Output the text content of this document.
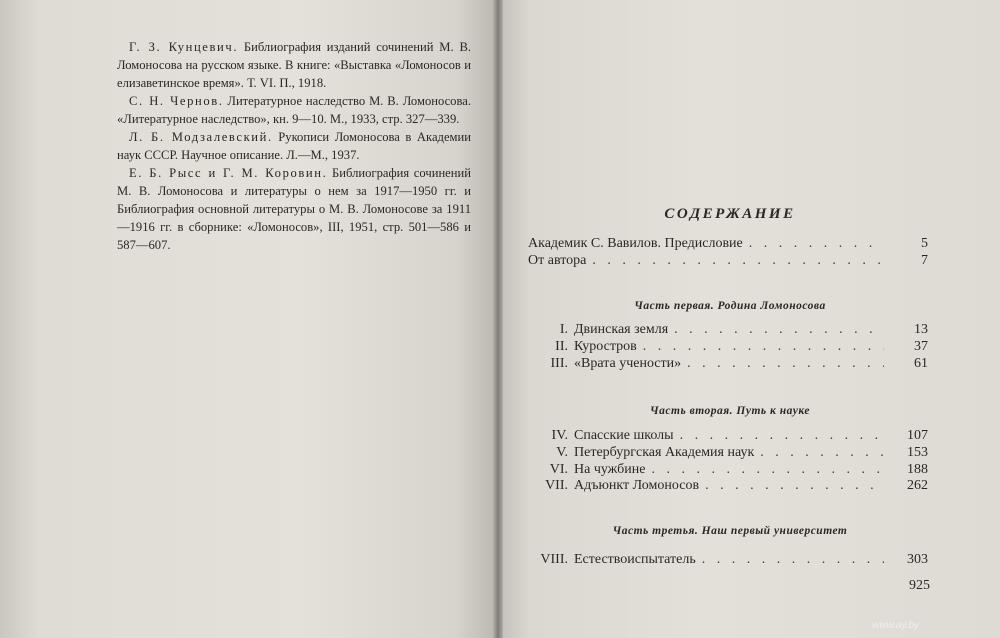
Г. З. Кунцевич. Библиография изданий сочинений М. В. Ломоносова на русском языке. В книге: «Выставка «Ломоносов и елизаветинское время». Т. VI. П., 1918.

С. Н. Чернов. Литературное наследство М. В. Ломоносова. «Литературное наследство», кн. 9—10. М., 1933, стр. 327—339.

Л. Б. Модзалевский. Рукописи Ломоносова в Академии наук СССР. Научное описание. Л.—М., 1937.

Е. Б. Рысс и Г. М. Коровин. Библиография сочинений М. В. Ломоносова и литературы о нем за 1917—1950 гг. и Библиография основной литературы о М. В. Ломоносове за 1911—1916 гг. в сборнике: «Ломоносов», III, 1951, стр. 501—586 и 587—607.

СОДЕРЖАНИЕ
Академик С. Вавилов. Предисловие . . .	5
От автора . . .	7
Часть первая. Родина Ломоносова
I. Двинская земля . . .	13
II. Куростров . . .	37
III. «Врата учености» . . .	61
Часть вторая. Путь к науке
IV. Спасские школы . . .	107
V. Петербургская Академия наук . . .	153
VI. На чужбине . . .	188
VII. Адъюнкт Ломоносов . . .	262
Часть третья. Наш первый университет
VIII. Естествоиспытатель . . .	303
925
www.ay.by
